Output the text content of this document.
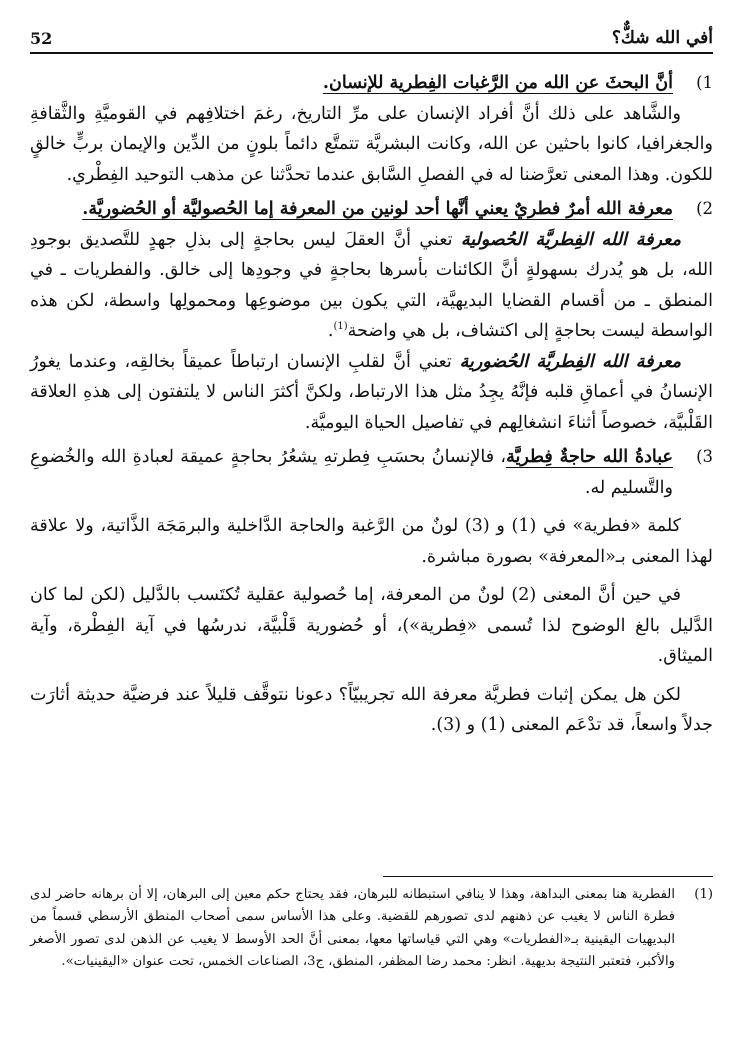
أفي الله شكٌّ؟
52
1)
أنَّ البحثَ عن الله من الرَّغبات الفِطرية للإنسان.

والشَّاهد على ذلك أنَّ أفراد الإنسان على مرِّ التاريخ، رغمَ اختلافِهم في القوميَّةِ والثَّقافةِ والجغرافيا، كانوا باحثين عن الله، وكانت البشريَّة تتمتَّع دائماً بلونٍ من الدِّين والإيمان بربٍّ خالقٍ للكون. وهذا المعنى تعرَّضنا له في الفصلِ السَّابق عندما تحدَّثنا عن مذهب التوحيد الفِطْري.

2)
معرفة الله أمرٌ فطريٌ يعني أنَّها أحد لونين من المعرفة إما الحُصوليَّة أو الحُضوريَّة.

معرفة الله الفِطريَّة الحُصولية تعني أنَّ العقلَ ليس بحاجةٍ إلى بذلِ جهدٍ للتَّصديق بوجودِ الله، بل هو يُدرك بسهولةٍ أنَّ الكائنات بأسرها بحاجةٍ في وجودِها إلى خالق. والفطريات ـ في المنطق ـ من أقسام القضايا البديهيَّة، التي يكون بين موضوعِها ومحمولِها واسطة، لكن هذه الواسطة ليست بحاجةٍ إلى اكتشاف، بل هي واضحة$^{(1)}$.

معرفة الله الفِطريَّة الحُضورية تعني أنَّ لقلبِ الإنسان ارتباطاً عميقاً بخالقِه، وعندما يغورُ الإنسانُ في أعماقِ قلبه فإنَّهُ يجِدُ مثل هذا الارتباط، ولكنَّ أكثرَ الناس لا يلتفتون إلى هذهِ العلاقة القَلْبيَّة، خصوصاً أثناءَ انشغالِهم في تفاصيل الحياة اليوميَّة.

3)
عبادةُ الله حاجةٌ فِطريَّة، فالإنسانُ بحسَبِ فِطرتهِ يشعُرُ بحاجةٍ عميقة لعبادةِ الله والخُضوعِ والتَّسليم له.

كلمة «فطرية» في (1) و (3) لونٌ من الرَّغبة والحاجة الدَّاخلية والبرمَجَة الذَّاتية، ولا علاقة لهذا المعنى بـ«المعرفة» بصورة مباشرة.

في حين أنَّ المعنى (2) لونٌ من المعرفة، إما حُصولية عقلية تُكتَسب بالدَّليل (لكن لما كان الدَّليل بالغ الوضوح لذا تُسمى «فِطرية»)، أو حُضورية قَلْبيَّة، ندرسُها في آية الفِطْرة، وآية الميثاق.

لكن هل يمكن إثبات فطريَّة معرفة الله تجريبيّاً؟ دعونا نتوقَّف قليلاً عند فرضيَّة حديثة أثارَت جدلاً واسعاً، قد تدْعَم المعنى (1) و (3).

(1)
الفطرية هنا بمعنى البداهة، وهذا لا ينافي استبطانه للبرهان، فقد يحتاج حكم معين إلى البرهان، إلا أن برهانه حاضر لدى فطرة الناس لا يغيب عن ذهنهم لدى تصورهم للقضية. وعلى هذا الأساس سمى أصحاب المنطق الأرسطي قسماً من البديهيات اليقينية بـ«الفطريات» وهي التي قياساتها معها، بمعنى أنَّ الحد الأوسط لا يغيب عن الذهن لدى تصور الأصغر والأكبر، فتعتبر النتيجة بديهية. انظر: محمد رضا المظفر، المنطق، ج3، الصناعات الخمس، تحت عنوان «اليقينيات».
